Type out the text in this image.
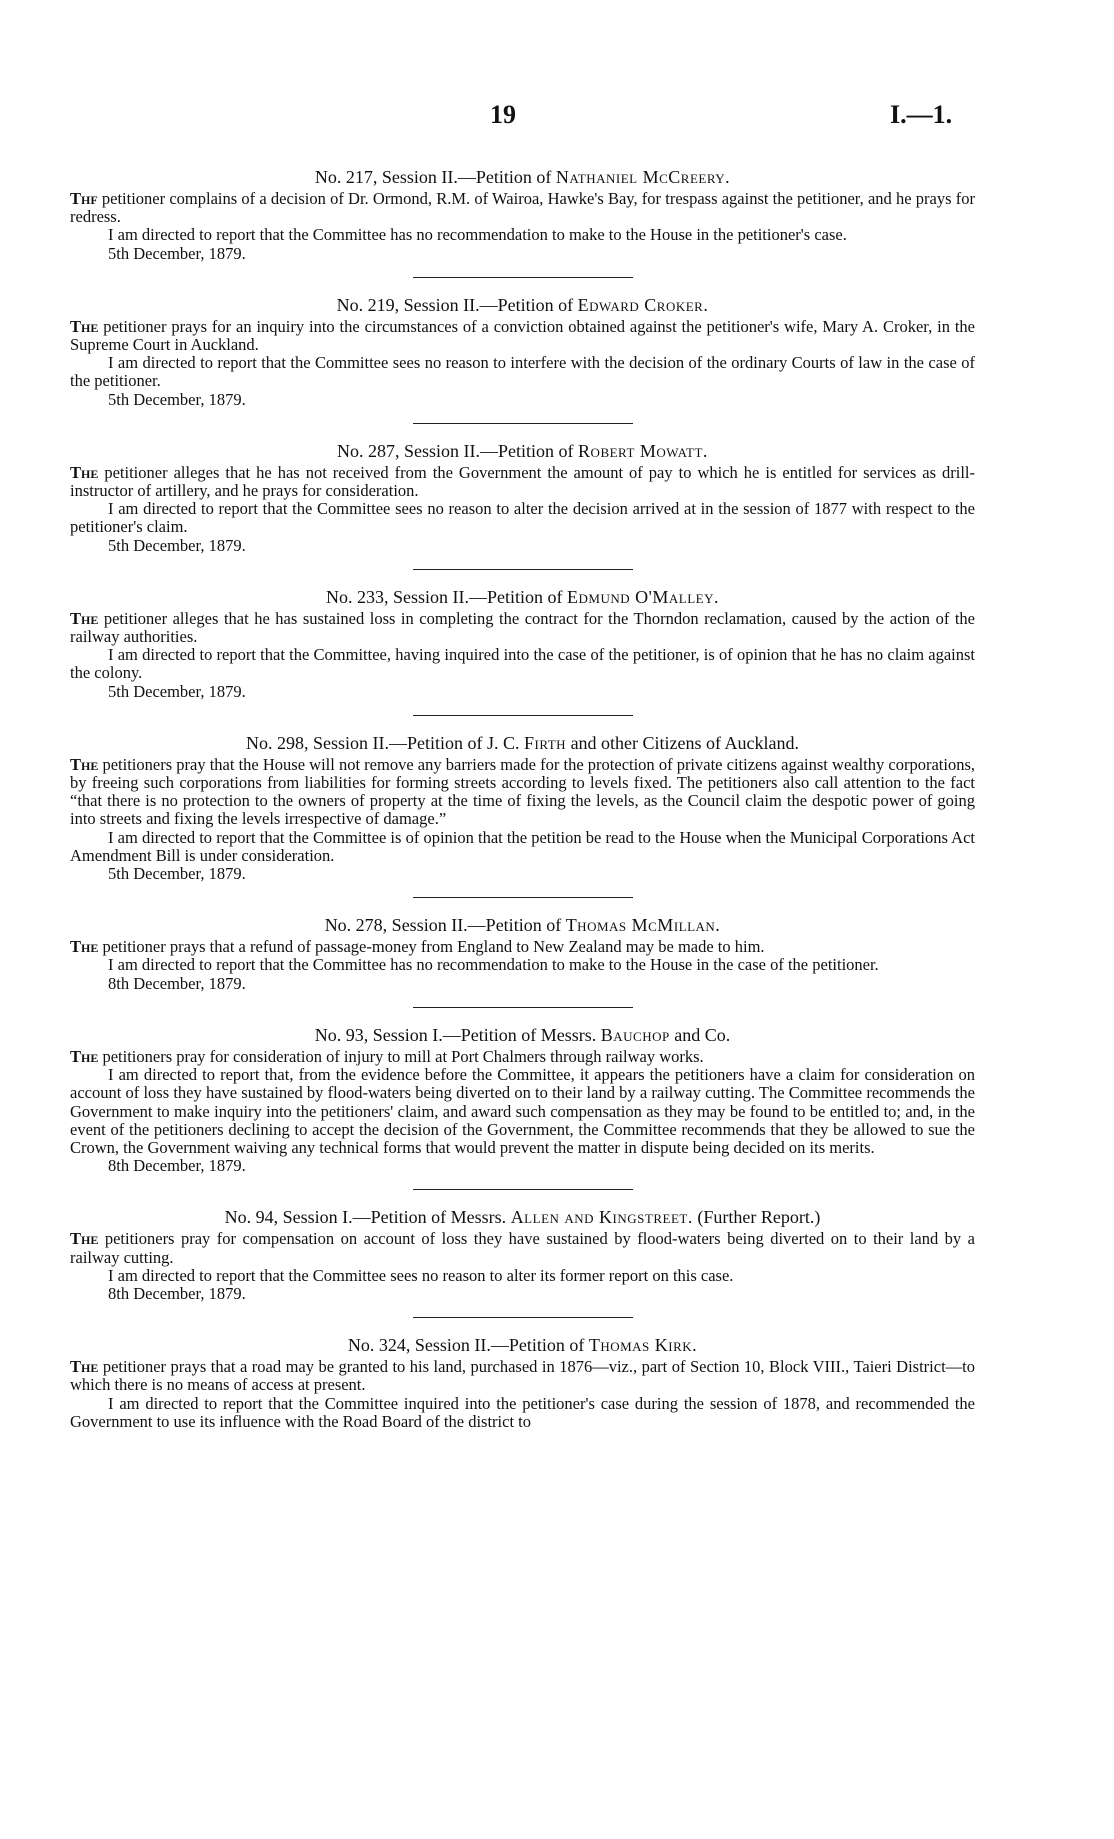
19	I.—1.

No. 217, Session II.—Petition of Nathaniel McCreery.

Thf petitioner complains of a decision of Dr. Ormond, R.M. of Wairoa, Hawke's Bay, for trespass against the petitioner, and he prays for redress.

I am directed to report that the Committee has no recommendation to make to the House in the petitioner's case.

5th December, 1879.

No. 219, Session II.—Petition of Edward Croker.

The petitioner prays for an inquiry into the circumstances of a conviction obtained against the petitioner's wife, Mary A. Croker, in the Supreme Court in Auckland.

I am directed to report that the Committee sees no reason to interfere with the decision of the ordinary Courts of law in the case of the petitioner.

5th December, 1879.

No. 287, Session II.—Petition of Robert Mowatt.

The petitioner alleges that he has not received from the Government the amount of pay to which he is entitled for services as drill-instructor of artillery, and he prays for consideration.

I am directed to report that the Committee sees no reason to alter the decision arrived at in the session of 1877 with respect to the petitioner's claim.

5th December, 1879.

No. 233, Session II.—Petition of Edmund O'Malley.

The petitioner alleges that he has sustained loss in completing the contract for the Thorndon reclamation, caused by the action of the railway authorities.

I am directed to report that the Committee, having inquired into the case of the petitioner, is of opinion that he has no claim against the colony.

5th December, 1879.

No. 298, Session II.—Petition of J. C. Firth and other Citizens of Auckland.

The petitioners pray that the House will not remove any barriers made for the protection of private citizens against wealthy corporations, by freeing such corporations from liabilities for forming streets according to levels fixed. The petitioners also call attention to the fact “that there is no protection to the owners of property at the time of fixing the levels, as the Council claim the despotic power of going into streets and fixing the levels irrespective of damage.”

I am directed to report that the Committee is of opinion that the petition be read to the House when the Municipal Corporations Act Amendment Bill is under consideration.

5th December, 1879.

No. 278, Session II.—Petition of Thomas McMillan.

The petitioner prays that a refund of passage-money from England to New Zealand may be made to him.

I am directed to report that the Committee has no recommendation to make to the House in the case of the petitioner.

8th December, 1879.

No. 93, Session I.—Petition of Messrs. Bauchop and Co.

The petitioners pray for consideration of injury to mill at Port Chalmers through railway works.

I am directed to report that, from the evidence before the Committee, it appears the petitioners have a claim for consideration on account of loss they have sustained by flood-waters being diverted on to their land by a railway cutting. The Committee recommends the Government to make inquiry into the petitioners' claim, and award such compensation as they may be found to be entitled to; and, in the event of the petitioners declining to accept the decision of the Government, the Committee recommends that they be allowed to sue the Crown, the Government waiving any technical forms that would prevent the matter in dispute being decided on its merits.

8th December, 1879.

No. 94, Session I.—Petition of Messrs. Allen and Kingstreet. (Further Report.)

The petitioners pray for compensation on account of loss they have sustained by flood-waters being diverted on to their land by a railway cutting.

I am directed to report that the Committee sees no reason to alter its former report on this case.

8th December, 1879.

No. 324, Session II.—Petition of Thomas Kirk.

The petitioner prays that a road may be granted to his land, purchased in 1876—viz., part of Section 10, Block VIII., Taieri District—to which there is no means of access at present.

I am directed to report that the Committee inquired into the petitioner's case during the session of 1878, and recommended the Government to use its influence with the Road Board of the district to
